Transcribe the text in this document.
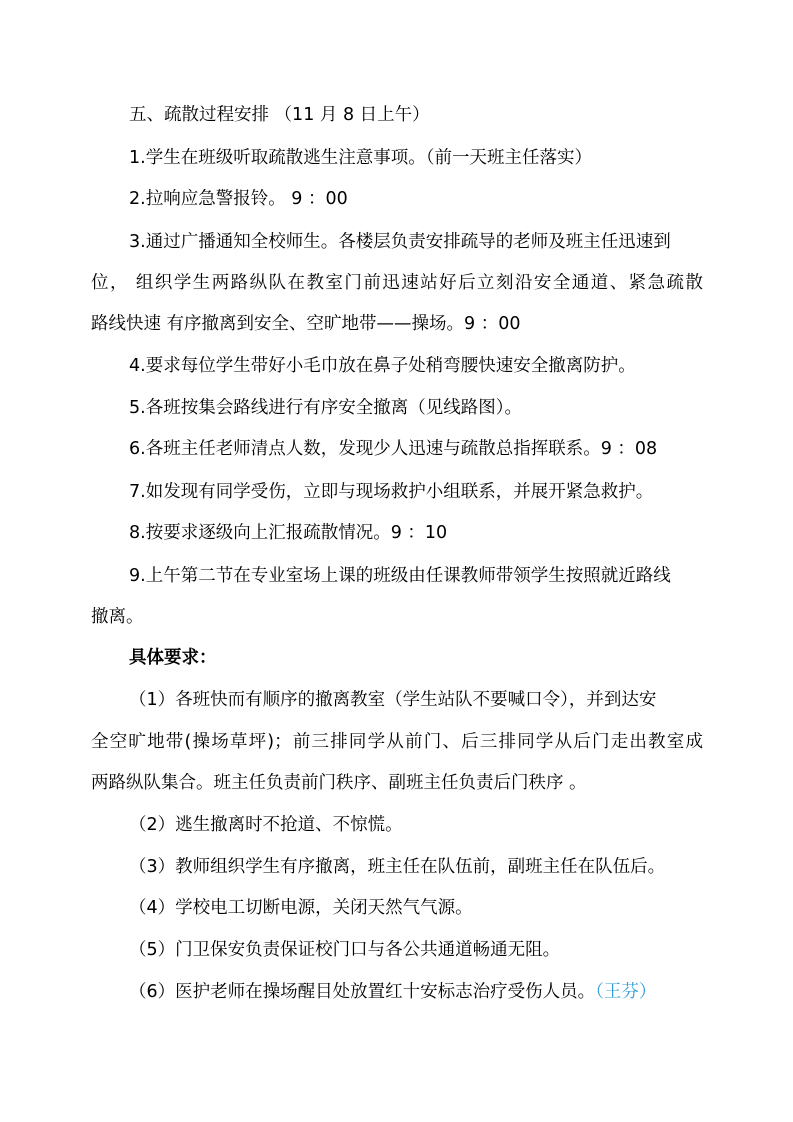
五、疏散过程安排 （11 月 8 日上午）
1.学生在班级听取疏散逃生注意事项。（前一天班主任落实）
2.拉响应急警报铃。 9 ：00
3.通过广播通知全校师生。各楼层负责安排疏导的老师及班主任迅速到
位， 组织学生两路纵队在教室门前迅速站好后立刻沿安全通道、紧急疏散
路线快速 有序撤离到安全、空旷地带——操场。9 ：00
4.要求每位学生带好小毛巾放在鼻子处稍弯腰快速安全撤离防护。
5.各班按集会路线进行有序安全撤离（见线路图）。
6.各班主任老师清点人数，发现少人迅速与疏散总指挥联系。9 ：08
7.如发现有同学受伤，立即与现场救护小组联系，并展开紧急救护。
8.按要求逐级向上汇报疏散情况。9 ：10
9.上午第二节在专业室场上课的班级由任课教师带领学生按照就近路线
撤离。
具体要求：
（1）各班快而有顺序的撤离教室（学生站队不要喊口令），并到达安
全空旷地带(操场草坪)；前三排同学从前门、后三排同学从后门走出教室成
两路纵队集合。班主任负责前门秩序、副班主任负责后门秩序 。
（2）逃生撤离时不抢道、不惊慌。
（3）教师组织学生有序撤离，班主任在队伍前，副班主任在队伍后。
（4）学校电工切断电源，关闭天然气气源。
（5）门卫保安负责保证校门口与各公共通道畅通无阻。
（6）医护老师在操场醒目处放置红十安标志治疗受伤人员。（王芬）
